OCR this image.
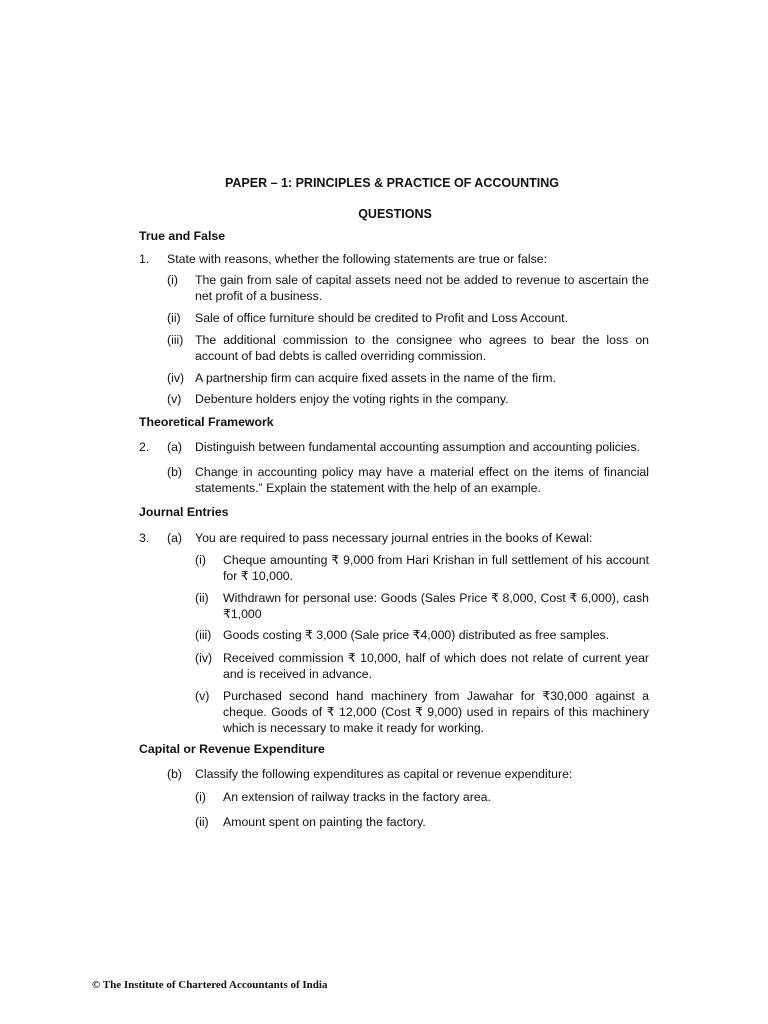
PAPER – 1: PRINCIPLES & PRACTICE OF ACCOUNTING
QUESTIONS
True and False
1. State with reasons, whether the following statements are true or false:
(i) The gain from sale of capital assets need not be added to revenue to ascertain the net profit of a business.
(ii) Sale of office furniture should be credited to Profit and Loss Account.
(iii) The additional commission to the consignee who agrees to bear the loss on account of bad debts is called overriding commission.
(iv) A partnership firm can acquire fixed assets in the name of the firm.
(v) Debenture holders enjoy the voting rights in the company.
Theoretical Framework
2. (a) Distinguish between fundamental accounting assumption and accounting policies.
(b) Change in accounting policy may have a material effect on the items of financial statements.” Explain the statement with the help of an example.
Journal Entries
3. (a) You are required to pass necessary journal entries in the books of Kewal:
(i) Cheque amounting ₹ 9,000 from Hari Krishan in full settlement of his account for ₹ 10,000.
(ii) Withdrawn for personal use: Goods (Sales Price ₹ 8,000, Cost ₹ 6,000), cash ₹1,000
(iii) Goods costing ₹ 3,000 (Sale price ₹4,000) distributed as free samples.
(iv) Received commission ₹ 10,000, half of which does not relate of current year and is received in advance.
(v) Purchased second hand machinery from Jawahar for ₹30,000 against a cheque. Goods of ₹ 12,000 (Cost ₹ 9,000) used in repairs of this machinery which is necessary to make it ready for working.
Capital or Revenue Expenditure
(b) Classify the following expenditures as capital or revenue expenditure:
(i) An extension of railway tracks in the factory area.
(ii) Amount spent on painting the factory.
© The Institute of Chartered Accountants of India
